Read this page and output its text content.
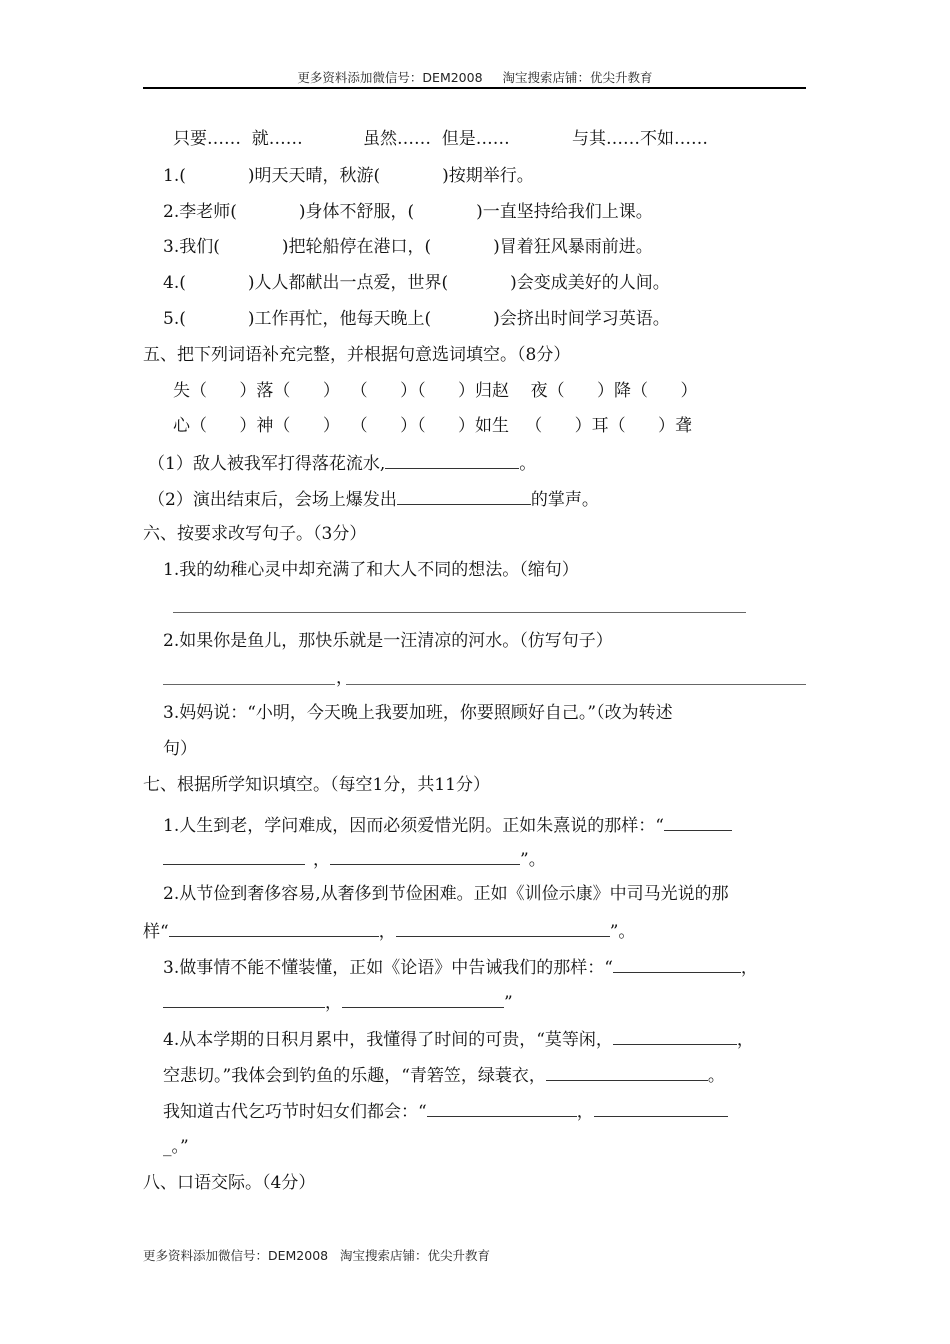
更多资料添加微信号：DEM2008 淘宝搜索店铺：优尖升教育
只要……  就……	虽然……  但是……	与其……不如……
1.(	)明天天晴，秋游(	)按期举行。
2.李老师(	)身体不舒服，(	)一直坚持给我们上课。
3.我们(	)把轮船停在港口，(	)冒着狂风暴雨前进。
4.(	)人人都献出一点爱，世界(	)会变成美好的人间。
5.(	)工作再忙，他每天晚上(	)会挤出时间学习英语。
五、把下列词语补充完整，并根据句意选词填空。（8分）
失（      ）落（      ）  （      ）（      ）归赵    夜（      ）降（      ）
心（      ）神（      ）  （      ）（      ）如生   （      ）耳（      ）聋
（1）敌人被我军打得落花流水,	。
（2）演出结束后，会场上爆发出	的掌声。
六、按要求改写句子。（3分）
1.我的幼稚心灵中却充满了和大人不同的想法。（缩句）
2.如果你是鱼儿，那快乐就是一汪清凉的河水。（仿写句子）
，
3.妈妈说：“小明，今天晚上我要加班，你要照顾好自己。”（改为转述
句）
七、根据所学知识填空。（每空1分，共11分）
1.人生到老，学问难成，因而必须爱惜光阴。正如朱熹说的那样：“
，	”。
2.从节俭到奢侈容易,从奢侈到节俭困难。正如《训俭示康》中司马光说的那
样“	，	”。
3.做事情不能不懂装懂，正如《论语》中告诫我们的那样：“	，
，	”
4.从本学期的日积月累中，我懂得了时间的可贵，“莫等闲，	，
空悲切。”我体会到钓鱼的乐趣，“青箬笠，绿蓑衣，	。
我知道古代乞巧节时妇女们都会：“	，
_。”
八、口语交际。（4分）
更多资料添加微信号：DEM2008   淘宝搜索店铺：优尖升教育
